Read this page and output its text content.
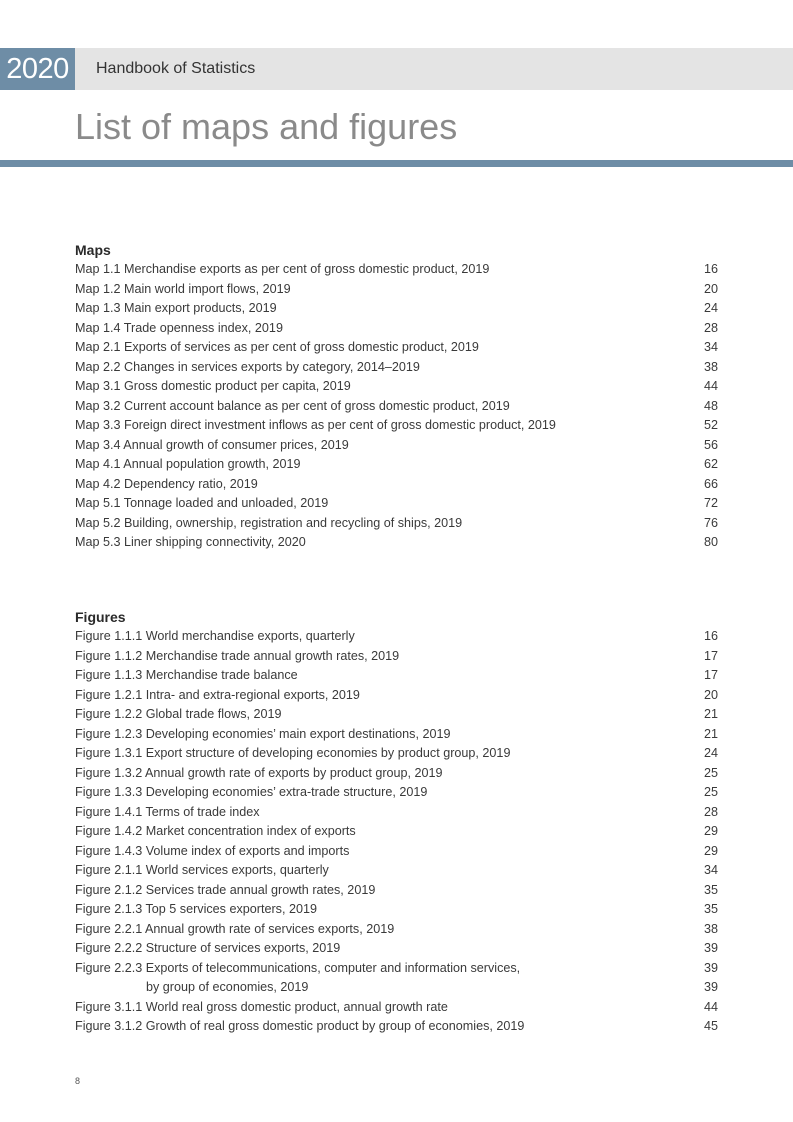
2020	Handbook of Statistics
List of maps and figures
Maps
Map 1.1 Merchandise exports as per cent of gross domestic product, 2019	16
Map 1.2 Main world import flows, 2019	20
Map 1.3 Main export products, 2019	24
Map 1.4 Trade openness index, 2019	28
Map 2.1 Exports of services as per cent of gross domestic product, 2019	34
Map 2.2 Changes in services exports by category, 2014–2019	38
Map 3.1 Gross domestic product per capita, 2019	44
Map 3.2 Current account balance as per cent of gross domestic product, 2019	48
Map 3.3 Foreign direct investment inflows as per cent of gross domestic product, 2019	52
Map 3.4 Annual growth of consumer prices, 2019	56
Map 4.1 Annual population growth, 2019	62
Map 4.2 Dependency ratio, 2019	66
Map 5.1 Tonnage loaded and unloaded, 2019	72
Map 5.2 Building, ownership, registration and recycling of ships, 2019	76
Map 5.3 Liner shipping connectivity, 2020	80
Figures
Figure 1.1.1 World merchandise exports, quarterly	16
Figure 1.1.2 Merchandise trade annual growth rates, 2019	17
Figure 1.1.3 Merchandise trade balance	17
Figure 1.2.1 Intra- and extra-regional exports, 2019	20
Figure 1.2.2 Global trade flows, 2019	21
Figure 1.2.3 Developing economies’ main export destinations, 2019	21
Figure 1.3.1 Export structure of developing economies by product group, 2019	24
Figure 1.3.2 Annual growth rate of exports by product group, 2019	25
Figure 1.3.3 Developing economies’ extra-trade structure, 2019	25
Figure 1.4.1 Terms of trade index	28
Figure 1.4.2 Market concentration index of exports	29
Figure 1.4.3 Volume index of exports and imports	29
Figure 2.1.1 World services exports, quarterly	34
Figure 2.1.2 Services trade annual growth rates, 2019	35
Figure 2.1.3 Top 5 services exporters, 2019	35
Figure 2.2.1 Annual growth rate of services exports, 2019	38
Figure 2.2.2 Structure of services exports, 2019	39
Figure 2.2.3 Exports of telecommunications, computer and information services,	39
by group of economies, 2019	39
Figure 3.1.1 World real gross domestic product, annual growth rate	44
Figure 3.1.2 Growth of real gross domestic product by group of economies, 2019	45
8
